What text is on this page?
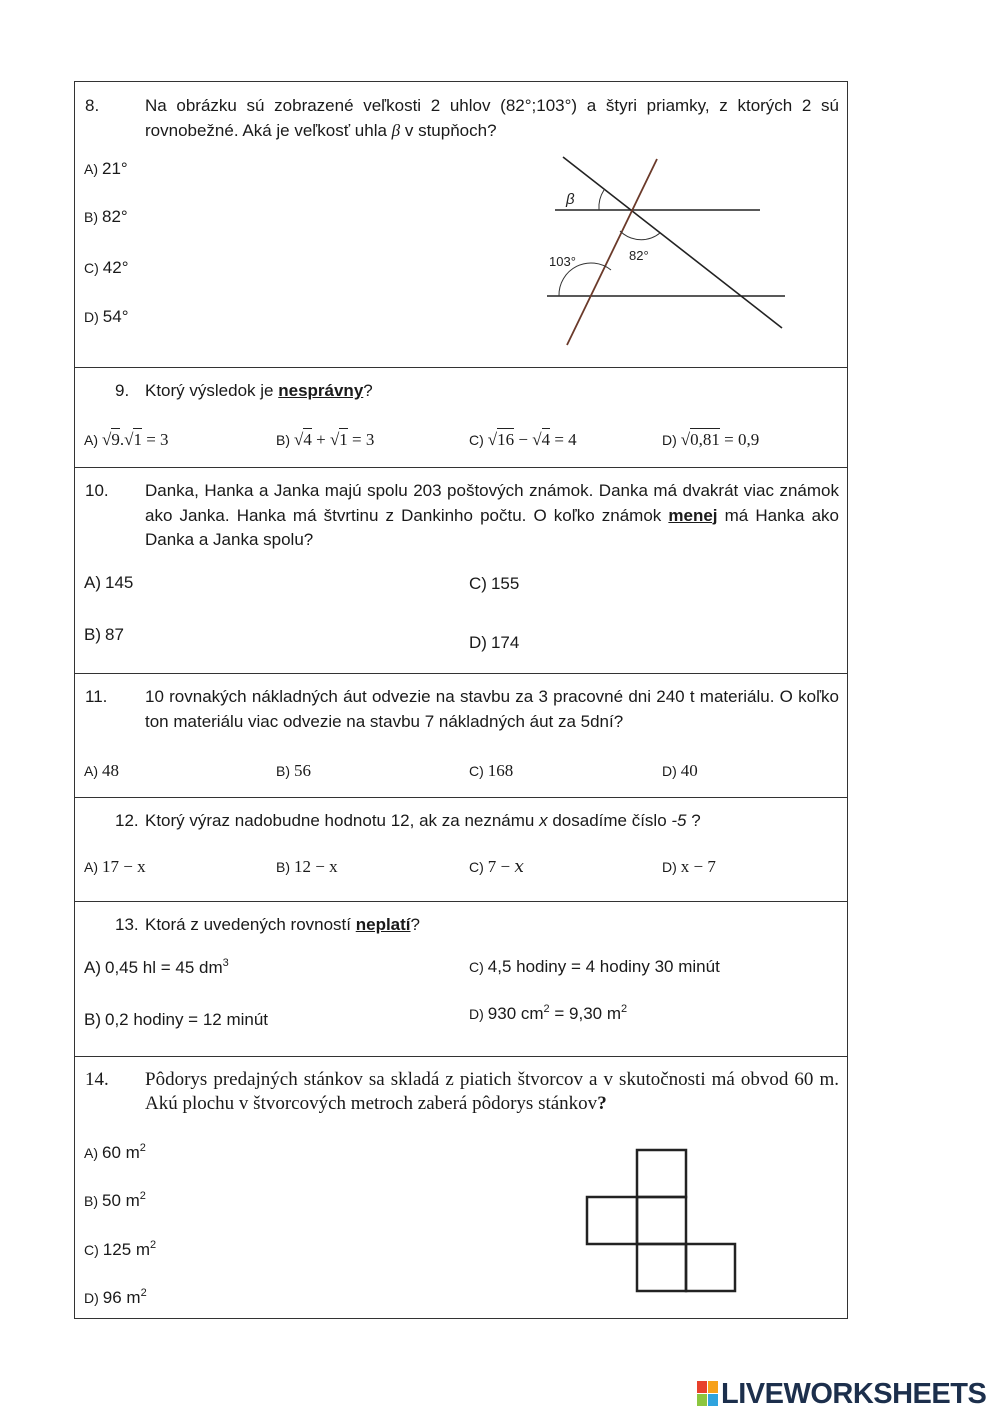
8.	Na obrázku sú zobrazené veľkosti 2 uhlov (82°;103°) a štyri priamky, z ktorých 2 sú rovnobežné. Aká je veľkosť uhla β v stupňoch?
A) 21°
B) 82°
C) 42°
D) 54°
β
103°	82°
9. Ktorý výsledok je nesprávny?
A) √9.√1 = 3	B) √4 + √1 = 3	C) √16 − √4 = 4	D) √0,81 = 0,9
10. Danka, Hanka a Janka majú spolu 203 poštových známok. Danka má dvakrát viac známok ako Janka. Hanka má štvrtinu z Dankinho počtu. O koľko známok menej má Hanka ako Danka a Janka spolu?
A) 145
B) 87
C) 155
D) 174
11. 10 rovnakých nákladných áut odvezie na stavbu za 3 pracovné dni 240 t materiálu. O koľko ton materiálu viac odvezie na stavbu 7 nákladných áut za 5dní?
A) 48	B) 56	C) 168	D) 40
12. Ktorý výraz nadobudne hodnotu 12, ak za neznámu x dosadíme číslo -5 ?
A) 17 − x	B) 12 − x	C) 7 − 𝑥	D) x − 7
13. Ktorá z uvedených rovností neplatí?
A) 0,45 hl = 45 $dm^3$
B) 0,2 hodiny = 12 minút
C) 4,5 hodiny = 4 hodiny 30 minút
D) 930 $cm^2 = 9,30$ $m^2$
14. Pôdorys predajných stánkov sa skladá z piatich štvorcov a v skutočnosti má obvod 60 m. Akú plochu v štvorcových metroch zaberá pôdorys stánkov?
A) 60 $m^2$
B) 50 $m^2$
C) 125 $m^2$
D) 96 $m^2$
LIVEWORKSHEETS
